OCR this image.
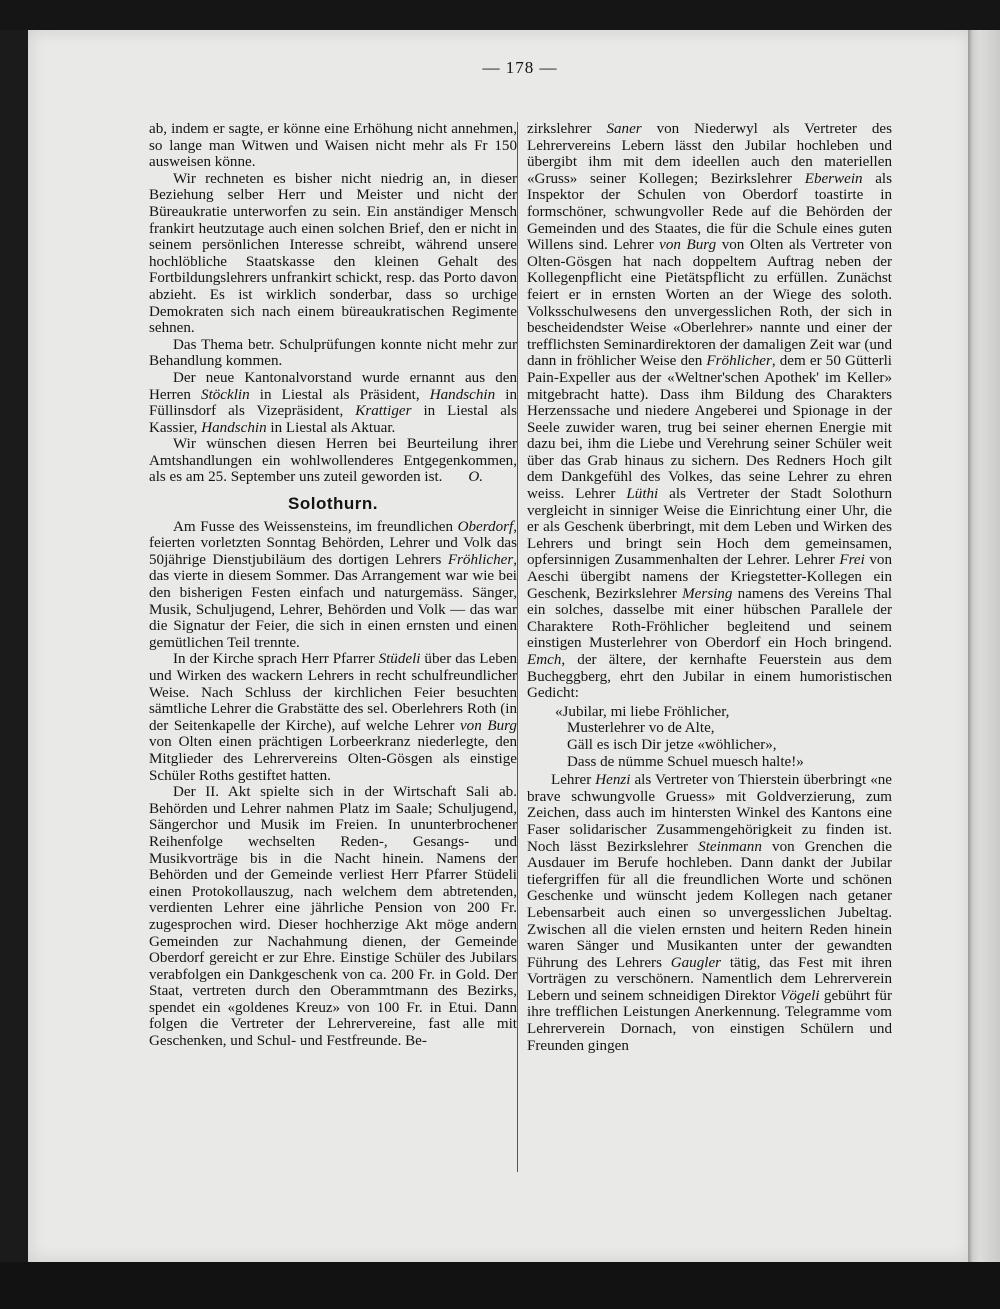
— 178 —

ab, indem er sagte, er könne eine Erhöhung nicht annehmen, so lange man Witwen und Waisen nicht mehr als Fr 150 ausweisen könne.

Wir rechneten es bisher nicht niedrig an, in dieser Beziehung selber Herr und Meister und nicht der Büreaukratie unterworfen zu sein. Ein anständiger Mensch frankirt heutzutage auch einen solchen Brief, den er nicht in seinem persönlichen Interesse schreibt, während unsere hochlöbliche Staatskasse den kleinen Gehalt des Fortbildungslehrers unfrankirt schickt, resp. das Porto davon abzieht. Es ist wirklich sonderbar, dass so urchige Demokraten sich nach einem büreaukratischen Regimente sehnen.

Das Thema betr. Schulprüfungen konnte nicht mehr zur Behandlung kommen.

Der neue Kantonalvorstand wurde ernannt aus den Herren Stöcklin in Liestal als Präsident, Handschin in Füllinsdorf als Vizepräsident, Krattiger in Liestal als Kassier, Handschin in Liestal als Aktuar.

Wir wünschen diesen Herren bei Beurteilung ihrer Amtshandlungen ein wohlwollenderes Entgegenkommen, als es am 25. September uns zuteil geworden ist.	O.

Solothurn.

Am Fusse des Weissensteins, im freundlichen Oberdorf, feierten vorletzten Sonntag Behörden, Lehrer und Volk das 50jährige Dienstjubiläum des dortigen Lehrers Fröhlicher, das vierte in diesem Sommer. Das Arrangement war wie bei den bisherigen Festen einfach und naturgemäss. Sänger, Musik, Schuljugend, Lehrer, Behörden und Volk — das war die Signatur der Feier, die sich in einen ernsten und einen gemütlichen Teil trennte.

In der Kirche sprach Herr Pfarrer Stüdeli über das Leben und Wirken des wackern Lehrers in recht schulfreundlicher Weise. Nach Schluss der kirchlichen Feier besuchten sämtliche Lehrer die Grabstätte des sel. Oberlehrers Roth (in der Seitenkapelle der Kirche), auf welche Lehrer von Burg von Olten einen prächtigen Lorbeerkranz niederlegte, den Mitglieder des Lehrervereins Olten-Gösgen als einstige Schüler Roths gestiftet hatten.

Der II. Akt spielte sich in der Wirtschaft Sali ab. Behörden und Lehrer nahmen Platz im Saale; Schuljugend, Sängerchor und Musik im Freien. In ununterbrochener Reihenfolge wechselten Reden-, Gesangs- und Musikvorträge bis in die Nacht hinein. Namens der Behörden und der Gemeinde verliest Herr Pfarrer Stüdeli einen Protokollauszug, nach welchem dem abtretenden, verdienten Lehrer eine jährliche Pension von 200 Fr. zugesprochen wird. Dieser hochherzige Akt möge andern Gemeinden zur Nachahmung dienen, der Gemeinde Oberdorf gereicht er zur Ehre. Einstige Schüler des Jubilars verabfolgen ein Dankgeschenk von ca. 200 Fr. in Gold. Der Staat, vertreten durch den Oberammtmann des Bezirks, spendet ein «goldenes Kreuz» von 100 Fr. in Etui. Dann folgen die Vertreter der Lehrervereine, fast alle mit Geschenken, und Schul- und Festfreunde. Be-

zirkslehrer Saner von Niederwyl als Vertreter des Lehrervereins Lebern lässt den Jubilar hochleben und übergibt ihm mit dem ideellen auch den materiellen «Gruss» seiner Kollegen; Bezirkslehrer Eberwein als Inspektor der Schulen von Oberdorf toastirte in formschöner, schwungvoller Rede auf die Behörden der Gemeinden und des Staates, die für die Schule eines guten Willens sind. Lehrer von Burg von Olten als Vertreter von Olten-Gösgen hat nach doppeltem Auftrag neben der Kollegenpflicht eine Pietätspflicht zu erfüllen. Zunächst feiert er in ernsten Worten an der Wiege des soloth. Volksschulwesens den unvergesslichen Roth, der sich in bescheidendster Weise «Oberlehrer» nannte und einer der trefflichsten Seminardirektoren der damaligen Zeit war (und dann in fröhlicher Weise den Fröhlicher, dem er 50 Gütterli Pain-Expeller aus der «Weltner'schen Apothek' im Keller» mitgebracht hatte). Dass ihm Bildung des Charakters Herzenssache und niedere Angeberei und Spionage in der Seele zuwider waren, trug bei seiner ehernen Energie mit dazu bei, ihm die Liebe und Verehrung seiner Schüler weit über das Grab hinaus zu sichern. Des Redners Hoch gilt dem Dankgefühl des Volkes, das seine Lehrer zu ehren weiss. Lehrer Lüthi als Vertreter der Stadt Solothurn vergleicht in sinniger Weise die Einrichtung einer Uhr, die er als Geschenk überbringt, mit dem Leben und Wirken des Lehrers und bringt sein Hoch dem gemeinsamen, opfersinnigen Zusammenhalten der Lehrer. Lehrer Frei von Aeschi übergibt namens der Kriegstetter-Kollegen ein Geschenk, Bezirkslehrer Mersing namens des Vereins Thal ein solches, dasselbe mit einer hübschen Parallele der Charaktere Roth-Fröhlicher begleitend und seinem einstigen Musterlehrer von Oberdorf ein Hoch bringend. Emch, der ältere, der kernhafte Feuerstein aus dem Bucheggberg, ehrt den Jubilar in einem humoristischen Gedicht:

«Jubilar, mi liebe Fröhlicher,
Musterlehrer vo de Alte,
Gäll es isch Dir jetze «wöhlicher»,
Dass de nümme Schuel muesch halte!»

Lehrer Henzi als Vertreter von Thierstein überbringt «ne brave schwungvolle Gruess» mit Goldverzierung, zum Zeichen, dass auch im hintersten Winkel des Kantons eine Faser solidarischer Zusammengehörigkeit zu finden ist. Noch lässt Bezirkslehrer Steinmann von Grenchen die Ausdauer im Berufe hochleben. Dann dankt der Jubilar tiefergriffen für all die freundlichen Worte und schönen Geschenke und wünscht jedem Kollegen nach getaner Lebensarbeit auch einen so unvergesslichen Jubeltag. Zwischen all die vielen ernsten und heitern Reden hinein waren Sänger und Musikanten unter der gewandten Führung des Lehrers Gaugler tätig, das Fest mit ihren Vorträgen zu verschönern. Namentlich dem Lehrerverein Lebern und seinem schneidigen Direktor Vögeli gebührt für ihre trefflichen Leistungen Anerkennung. Telegramme vom Lehrerverein Dornach, von einstigen Schülern und Freunden gingen
